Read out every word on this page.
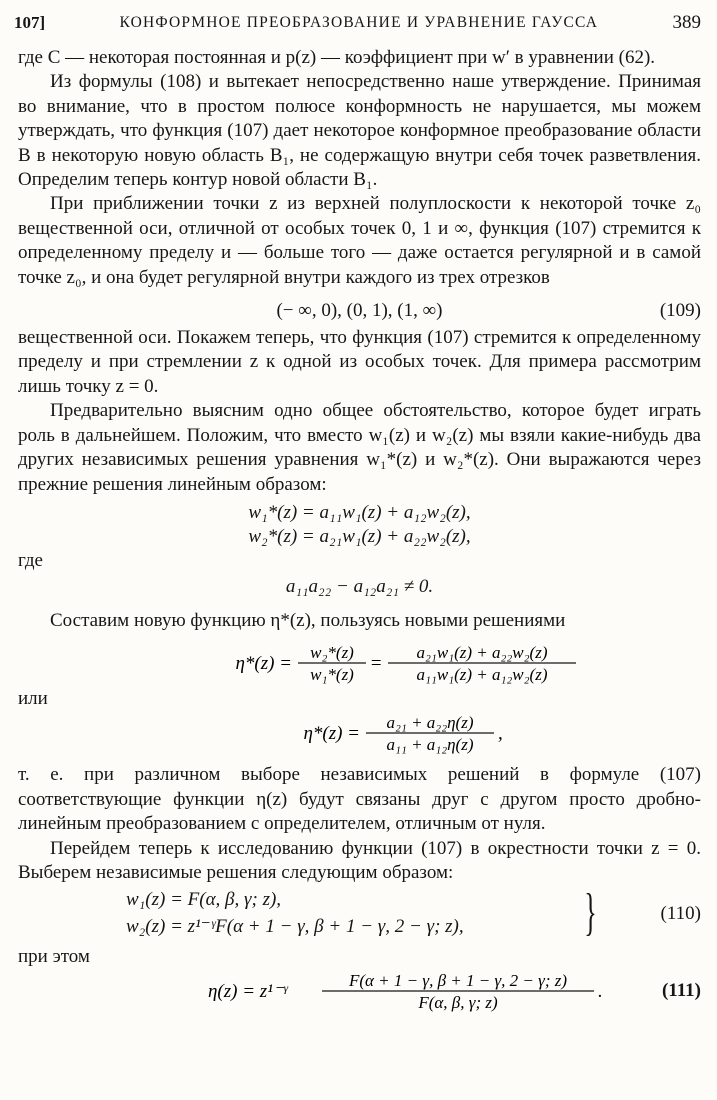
107]	КОНФОРМНОЕ ПРЕОБРАЗОВАНИЕ И УРАВНЕНИЕ ГАУССА	389

где C — некоторая постоянная и p(z) — коэффициент при w′ в уравнении (62).

Из формулы (108) и вытекает непосредственно наше утверждение. Принимая во внимание, что в простом полюсе конформность не нарушается, мы можем утверждать, что функция (107) дает некоторое конформное преобразование области B в некоторую новую область B₁, не содержащую внутри себя точек разветвления. Определим теперь контур новой области B₁.

При приближении точки z из верхней полуплоскости к некоторой точке z₀ вещественной оси, отличной от особых точек 0, 1 и ∞, функция (107) стремится к определенному пределу и — больше того — даже остается регулярной и в самой точке z₀, и она будет регулярной внутри каждого из трех отрезков

(− ∞, 0), (0, 1), (1, ∞)	(109)

вещественной оси. Покажем теперь, что функция (107) стремится к определенному пределу и при стремлении z к одной из особых точек. Для примера рассмотрим лишь точку z = 0.

Предварительно выясним одно общее обстоятельство, которое будет играть роль в дальнейшем. Положим, что вместо w₁(z) и w₂(z) мы взяли какие-нибудь два других независимых решения уравнения w₁*(z) и w₂*(z). Они выражаются через прежние решения линейным образом:

w₁*(z) = a₁₁w₁(z) + a₁₂w₂(z),
w₂*(z) = a₂₁w₁(z) + a₂₂w₂(z),
где
a₁₁a₂₂ − a₁₂a₂₁ ≠ 0.

Составим новую функцию η*(z), пользуясь новыми решениями

η*(z) =
w₂*(z)
w₁*(z)
=
a₂₁w₁(z) + a₂₂w₂(z)
a₁₁w₁(z) + a₁₂w₂(z)
или
η*(z) =
a₂₁ + a₂₂η(z)
a₁₁ + a₁₂η(z)
,

т. е. при различном выборе независимых решений в формуле (107) соответствующие функции η(z) будут связаны друг с другом просто дробно-линейным преобразованием с определителем, отличным от нуля.

Перейдем теперь к исследованию функции (107) в окрестности точки z = 0. Выберем независимые решения следующим образом:

w₁(z) = F(α, β, γ; z),
w₂(z) = z¹⁻ᵞF(α + 1 − γ, β + 1 − γ, 2 − γ; z), }	(110)
при этом
η(z) = z¹⁻ᵞ
F(α + 1 − γ, β + 1 − γ, 2 − γ; z)
F(α, β, γ; z)
.	(111)
